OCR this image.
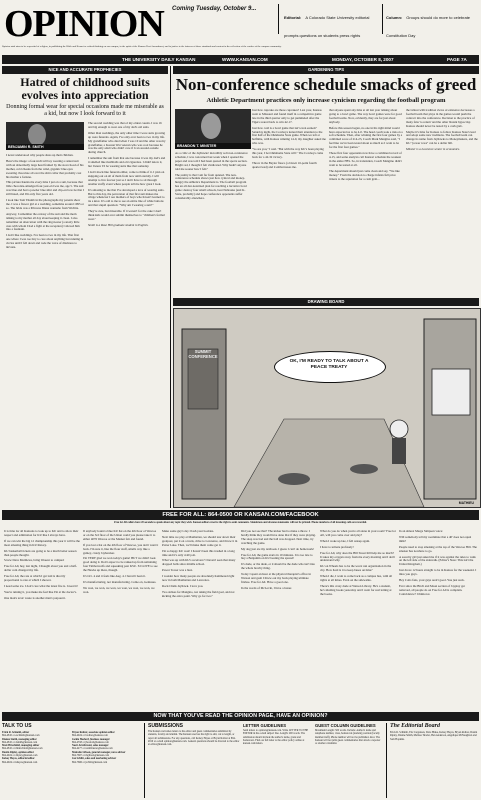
OPINION Coming Tuesday, October 9...
Editorial: A Colorado State University editorial prompts questions on students press rights
Column: Groups should do more to celebrate Constitution Day
Opinion staff aims to be respectful of religion, in publishing the Bible and Koran for critical thinking on our campus, in the spirit of the Kansan First Amendment, and in justice to the fairness of those standards and content in the reflection of the readers of the campus community.
THE UNIVERSITY DAILY KANSAN	WWW.KANSAN.COM	MONDAY, OCTOBER 8, 2007	PAGE 7A
NICE AND ACCURATE PROPHECIES
Hatred of childhood suits evolves into appreciation
Donning formal wear for special occasions made me miserable as a kid, but now I look forward to it
BENJAMIN R. SMITH

I never understood why people dress up their children.

Here's the image: a four-inch tall boy wearing a rented suit with an abnormally large head framed by the stove hood of his mother, cold cheeks from the wind, gigantic blue eyes sweating chocolate all over the shirt collar that probably cost his mother a fortune.

This picture haunts me every time I put on a suit, because that little chocolate-smudged four-year-old was me, age 5. The suit was blue and had a powder blue shirt and clip-on bow tie that I still hated, and I'm only five years old.

I look like Tom Thumb in the photographs my parents show me. I was a flower girl at a wedding, sometime around 1995 or so. The bride was a Princess Diana wannabe from Wichita.

Anyway, I remember the ecstasy of the suit and the mom talking to my mother all day about keeping it clean. I also remember an altercation with the ring-bearer (a snotty little cuss with whom I had a fight at the reception) I shoved him into a fountain.

I don't like weddings. I've been to two in my life. That first one where I was too tiny to care about anything but running in circles until I fell down and rode the wave of dizziness to nirvana.

The second wedding was that of my oldest cousin. I was 16 and big enough to wear one of my dad's old suits.

Other than weddings, the only other time I wore suits growing up were funerals. Again, I've only ever been to two in my life. My grandfather who died when I was 10 and the other was my grandfather, a Korean War veteran who was cool because he was the only adult who didn't care if I ran around outside during church.

I remember the suit from that one because it was my dad's and it smelled like mothballs and old cigarettes. I didn't know it, but I knew I'd be wearing suits like that someday.

I don't mock like funerals either, come to think of it. I plan on skipping out on all of them from now until eternity. I will attempt to live forever just so I don't have to sit through another stuffy event where people tell me how great I look.

It's amazing to me that I've developed a love of wearing suits. But to this day, the perversion of that first suit makes me cringe whenever I see mothers of boys who haven't learned to tie a knot. It's odd to me to see an entire line of white buttons and that stupid question: "Why am I wearing a suit?"

They're cute, but miserable. If it weren't for the cake I don't think kids would ever submit themselves to "children's formal wear."

Smith is a Rose Hill graduate student in English.

GARDENING TIPS
Non-conference schedule smacks of greed
Athletic Department practices only increase cynicism regarding the football program
BRANDON T. MINSTER

As a critic of the Jayhawks' incredibly soft non-conference schedule, I was concerned last week when I opened the paper and was told I had been quoted in the sports section. Bright red, I thought I felt vindicated. Why hadn't anyone told me sooner how I felt?

The reality is that I am far from quieted. The non-conference schedule shows just how cynical and money-hungry the Athletics Department is. The football program has an all-but-notarized plan for reaching a lucrative bowl game: destroy four small schools, beat Nebraska (and K-State, probably) and hope conference opponents suffer considerably elsewhere.

Just how cupcake are those cupcakes? Last year, Kansas went to Missouri and found itself in a competitive game late in the third quarter only to get pummeled after the Tigers roared back to win 42-17.

Just how cold is a bowl game that isn't even earned? Saturday night, the Cowboys turned their attention to the first half of the Oklahoma State game. When we left at halftime, with Kansas winning 14-0, my daughter asked me who was.

"So are you," I said. "But with the way KU's been playing this year, I bet Oklahoma State will." The Cowboys came back for a 42-32 victory.

Throw in the Baylor fiasco (a blown 16-point fourth quarter lead) and it embarrasses me.

that anyone spent any time at all last year talking about going to a bowl game. The way bowl games were for good football teams. Now, evidently, they are for just about anybody.

Before this season began, no one in his right mind would have expected us to be 4-0. The head coach took a risk on a soft schedule. Then, after winning the first four games by a combined score of 214-23, Coach Mark Mangino said, "I feel like we've been tested about as much as I want to be for the first four games."

Those first four opponents now have a combined record of 4-15, and some analysts call Kansas' schedule the weakest in the entire FBS. So, in translation, Coach Mangino didn't want to be tested at all.

The department should just come clean and say, "We like money." From the decision to charge infants full price tickets to the reputation for a cash grab...

the fallout with tradition views of existence decreases a football team that plays in the games would push the contract into the conference. Decision to the practice of many fans 'to return' and the other blatant hypocrisy. Kansas should never be tested by a cash grab.

Maybe it's time for Kansas to follow Kansas State's lead and adopt some new traditions. The football team can change its name from Jayhawks to Moneymakers, and the KU "power rows" can be a dollar bill.

Minster is a Lawrence senior in economics.

DRAWING BOARD
OK, I'M READY TO TALK ABOUT A PEACE TREATY
SUMMIT CONFERENCE
MATHIEU
FREE FOR ALL: 864-0500 OR KANSAN.COM/FACEBOOK
Free for All callers have 20 seconds to speak about any topic they wish. Kansan editors reserve the right to omit comments. Slanderous and obscene statements will not be printed. Phone numbers of all incoming calls are recorded.

It is time for all Kansans to look up to KU and to show their respect and admiration for KU like I always have.

If we can win the big 12 championship this year it will be the most amazing thing in KU history.

KU basketball tickets are going to be a much better season than people thought.

Screw Dave Matthews, bring Weezer to campus!

Free for All, hey, last night, I thought about you and a half-dollar coin changed my life.

Free for All, the rate at which I get laid is directly proportional to rate at which I shower.

I need some ice. I don't care what the latest fire is. I need it!

You're ruining it, you make me feel like I'm at the doctor's.

One man's toxic waste is another man's potpourri.

If anybody found a blue KU hat on the 4th floor of Wescoe or on the 3rd floor of the Union could you please take it to either 4076 Wescoe or the Market fair and found.

If you lost a hat on the 4th floor of Wescoe, you don't want it back. I'm sure it, like the flour stuff, smells way like a gamey, crusty Jayhawker.

I'm VERY glad we won today's game! BUT we didn't look good doing it. Don't expect to be ranked up from remaining four Timberwolfs and squeaking past KSU. I'd LOVE to see the Hawks up there, though.

It's Oct. 4 and it feels like Aug. 4. I haven't been it.

It's manufacturing, not manufacturing. Come on, Geniuses.

We won, we won, we won, we won, we won, we won, we won.

Make some guy's day: flash your boobies.

Next time we play at Manhattan, we should tear down their goalpost, put it on a truck, drive to Lawrence, and throw it in Potter Lake. Then, we'll make them come get it.

I'm so happy KU won! I haven't been this trashed in a long time and it's only 4:40 p.m.

What was up with KU's receivers? I haven't seen that many dropped balls since middle school.

Power Tower was a bust.

I wonder how many people are absolutely hammered right now in both Manhattan and Lawrence.

Rock Chalk Jayhawk. I love you.

Two strikes for Mangino, not taking the field goal, and not kicking the extra point. Why go for two?

Did you not see that? The kicker had to make a throw. I hardly think they would have done that if they were playing. The snap was bad and the ball was dropped. Next time, try watching the game.

My dog just ate my textbook. I guess I can't do homework!

Free for All, the game starts in 10 minutes. It is too late to buy a Benjamin on KU beating the spread!

It's dude, or the dude, or it should be the dude who isn't into the whole brevity thing.

Today I spent an hour at the physical therapist's office in Watson and gosh I threw out my back playing ultimate frisbee. Free for All. Have a good one.

In the words of McLovin, I have a boner.

What do you do when you're all alone in your room? Free for All, will you come over and play?

When I woke up late, I fell asleep again.

I have to urinate profusely!

Free for All, why does the Hill Street hill help me so much? It takes my oxygen away from me every morning and I don't understand why.

KU on Wheels has to be the worst run organization in the city. How hard is it to keep buses on time?

When I die, I want to come back as a campus bus, with all rights at all times. Even on the sidewalks.

There's this crazy dude at Watson Library. He's a student, he's shutting books yesterday and I went for real letting at the books.

In an almost Marge Simpson voice:

Will somebody tell my roommate that a 40' does not equal milk?

People need to stop smoking at the top of the Wescoe Hill. The smoker has nowhere to go.

A sorority girl just asked me if it was against the rules to walk on the left side of the sidewalk. (Editor's Note: This isn't the United Kingdom.)

Just drove 12 hours straight to be in Kansas for the weekend. I miss you guys.

Hey Colts fans, your guys aren't good. You just suck.

Ever since the Bitch and Moan section of Jayplay got removed, all people do on Free for All is complain. Coincidence? I think not.

NOW THAT YOU'VE READ THE OPINION PAGE, HAVE AN OPINION?
TALK TO US
Erick R. Schmidt, editor
864-4810 or eschmidt@kansan.com
Dianne Smith, managing editor
864-4810 or dsmith@kansan.com
Matt Hirschfeld, managing editor
864-4810 or mhirschfeld@kansan.com
Dustin Ripley, opinion editor
864-4924 or dripley@kansan.com
Kelsey Hayes, editorial editor
864-4924 or khayes@kansan.com
Bryan Rohrer, associate opinion editor
864-4924 or brohrer@kansan.com
Jackie Hosford, business manager
864-4358 or jhosford@kansan.com
Nasir Armbruster, sales manager
864-4477 or narmbruster@kansan.com
Malcolm Gibson, general manager, news adviser
864-7667 or mgibson@kansan.com
Jon Schlitt, sales and marketing adviser
864-7666 or jschlitt@kansan.com
SUBMISSIONS
The Kansan welcomes letters to the editor and guest commentaries submitted by students, faculty and alumni. The Kansan reserves the right to edit, cut to length, or reject all submissions. For any questions, call Kelsey Hayes or Bryan Rohrer at 864-4810 or e-mail opinion@kansan.com. General questions should be directed to the editor at editor@kansan.com.
LETTER GUIDELINES
Send letters to opinion@kansan.com. Write LETTER TO THE EDITOR in the e-mail subject line. Length: 200 words. The submission should include the author's name, grade and hometown. Find our full letter to the editor policy online at kansan.com/letters.
GUEST COLUMN GUIDELINES
Maximum Length: 500 words. Include: Author's name and telephone number, class, hometown (student) position (faculty member/staff). Phone number will not be published. Also: The Kansan will not print guest commentaries that attack a reporter or another columnist.
The Editorial Board
Erick R. Schmidt, Eric Jorgensen, Dave Blake, Kelsey Hayes, Bryan Rohrer, Dustin Ripley, Dianne Smith, Melissa Tirador, Ben Anderson, Angelique McNaughton and Sam Hopkins.
